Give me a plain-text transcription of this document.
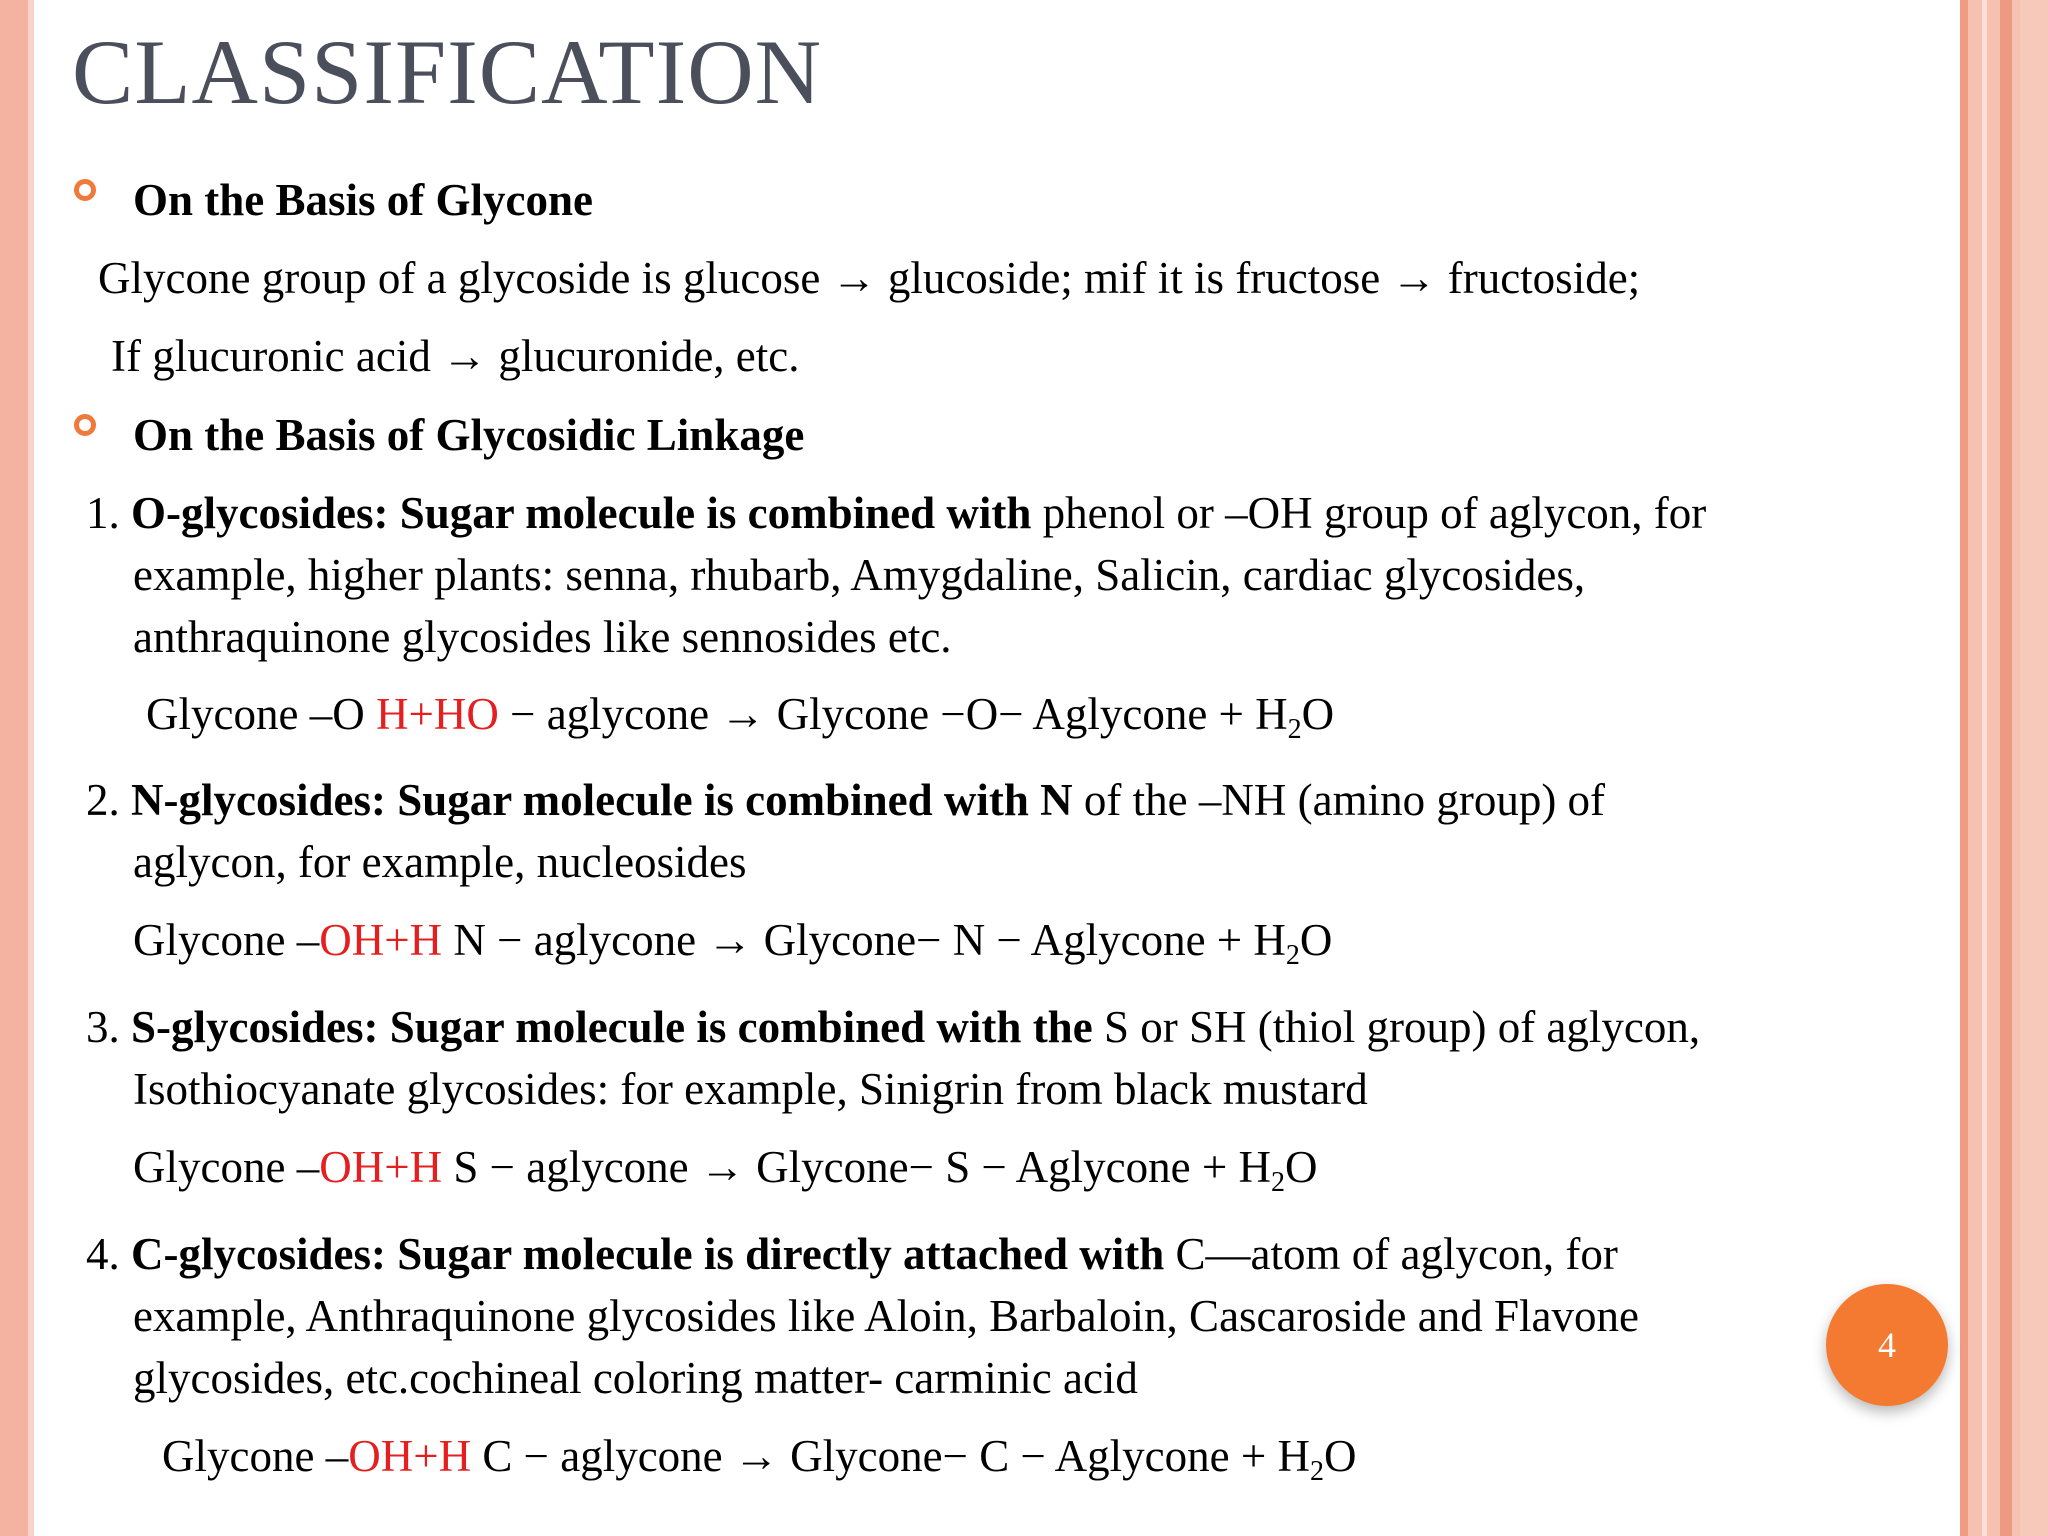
CLASSIFICATION
On the Basis of Glycone
Glycone group of a glycoside is glucose → glucoside; mif it is fructose → fructoside;
If glucuronic acid → glucuronide, etc.
On the Basis of Glycosidic Linkage
1. O-glycosides: Sugar molecule is combined with phenol or –OH group of aglycon, for
example, higher plants: senna, rhubarb, Amygdaline, Salicin, cardiac glycosides,
anthraquinone glycosides like sennosides etc.
Glycone –O H+HO − aglycone → Glycone −O− Aglycone + $H_2O$
2. N-glycosides: Sugar molecule is combined with N of the –NH (amino group) of
aglycon, for example, nucleosides
Glycone –OH+H N − aglycone → Glycone− N − Aglycone + $H_2O$
3. S-glycosides: Sugar molecule is combined with the S or SH (thiol group) of aglycon,
Isothiocyanate glycosides: for example, Sinigrin from black mustard
Glycone –OH+H S − aglycone → Glycone− S − Aglycone + $H_2O$
4. C-glycosides: Sugar molecule is directly attached with C—atom of aglycon, for
example, Anthraquinone glycosides like Aloin, Barbaloin, Cascaroside and Flavone
glycosides, etc.cochineal coloring matter- carminic acid
Glycone –OH+H C − aglycone → Glycone− C − Aglycone + $H_2O$
4
